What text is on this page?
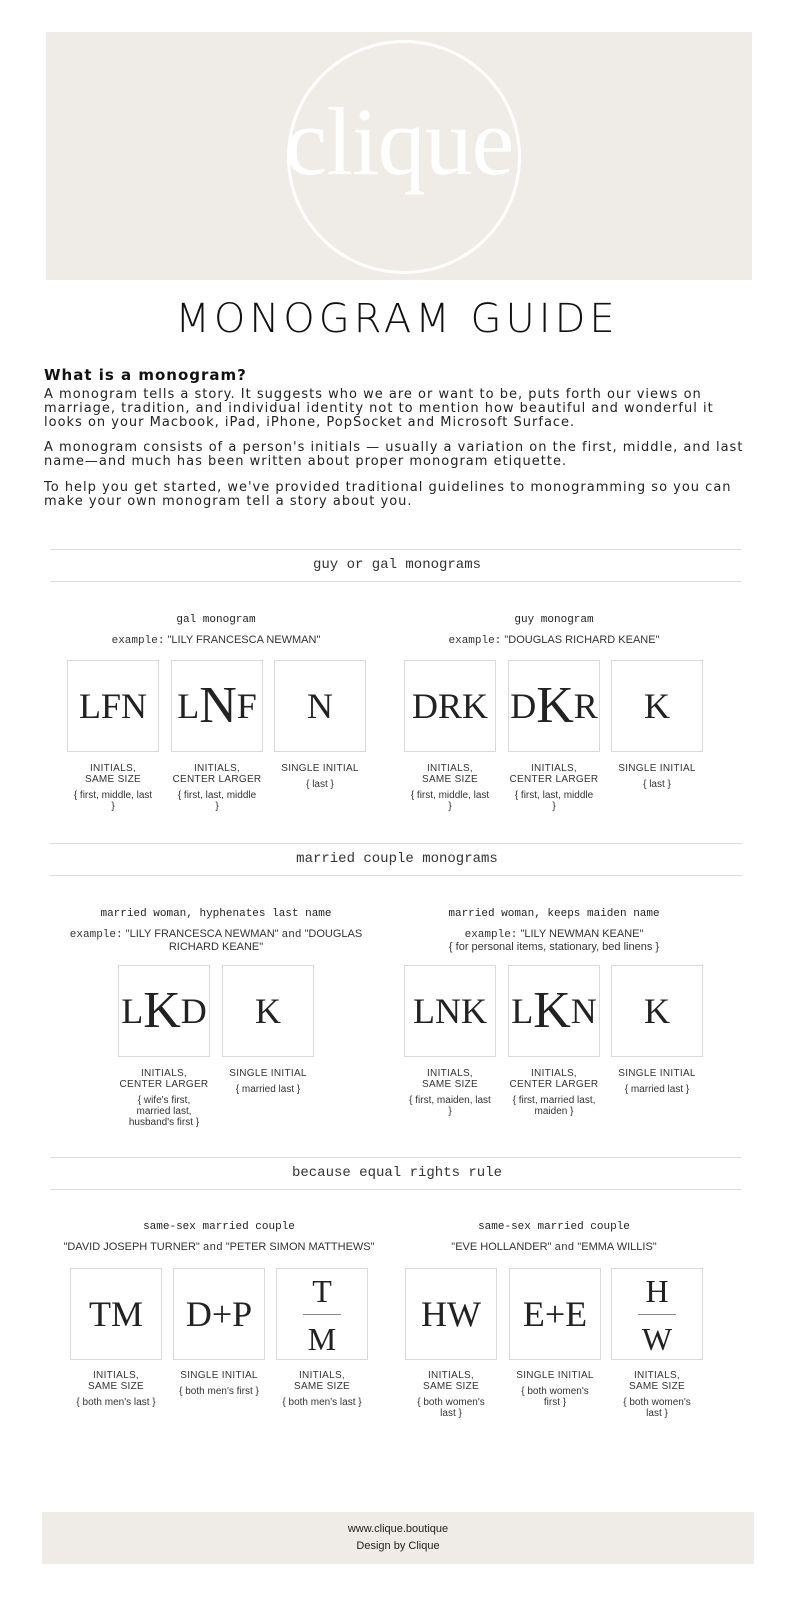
clique
MONOGRAM GUIDE
What is a monogram?

A monogram tells a story. It suggests who we are or want to be, puts forth our views on marriage, tradition, and individual identity not to mention how beautiful and wonderful it looks on your Macbook, iPad, iPhone, PopSocket and Microsoft Surface.

A monogram consists of a person's initials — usually a variation on the first, middle, and last name—and much has been written about proper monogram etiquette.

To help you get started, we've provided traditional guidelines to monogramming so you can make your own monogram tell a story about you.

guy or gal monograms
gal monogram
example: "LILY FRANCESCA NEWMAN"
LFN
INITIALS,
SAME SIZE
{ first, middle, last
}
LNF
INITIALS,
CENTER LARGER
{ first, last, middle
}
N
SINGLE INITIAL
{ last }
guy monogram
example: "DOUGLAS RICHARD KEANE"
DRK
INITIALS,
SAME SIZE
{ first, middle, last
}
DKR
INITIALS,
CENTER LARGER
{ first, last, middle
}
K
SINGLE INITIAL
{ last }
married couple monograms
married woman, hyphenates last name
example: "LILY FRANCESCA NEWMAN" and "DOUGLAS RICHARD KEANE"
LKD
INITIALS,
CENTER LARGER
{ wife's first,
married last,
husband's first }
K
SINGLE INITIAL
{ married last }
married woman, keeps maiden name
example: "LILY NEWMAN KEANE"
{ for personal items, stationary, bed linens }
LNK
INITIALS,
SAME SIZE
{ first, maiden, last
}
LKN
INITIALS,
CENTER LARGER
{ first, married last,
maiden }
K
SINGLE INITIAL
{ married last }
because equal rights rule
same-sex married couple
"DAVID JOSEPH TURNER" and "PETER SIMON MATTHEWS"
TM
INITIALS,
SAME SIZE
{ both men's last }
D+P
SINGLE INITIAL
{ both men's first }
T
M
INITIALS,
SAME SIZE
{ both men's last }
same-sex married couple
"EVE HOLLANDER" and "EMMA WILLIS"
HW
INITIALS,
SAME SIZE
{ both women's
last }
E+E
SINGLE INITIAL
{ both women's
first }
H
W
INITIALS,
SAME SIZE
{ both women's
last }
www.clique.boutique
Design by Clique
